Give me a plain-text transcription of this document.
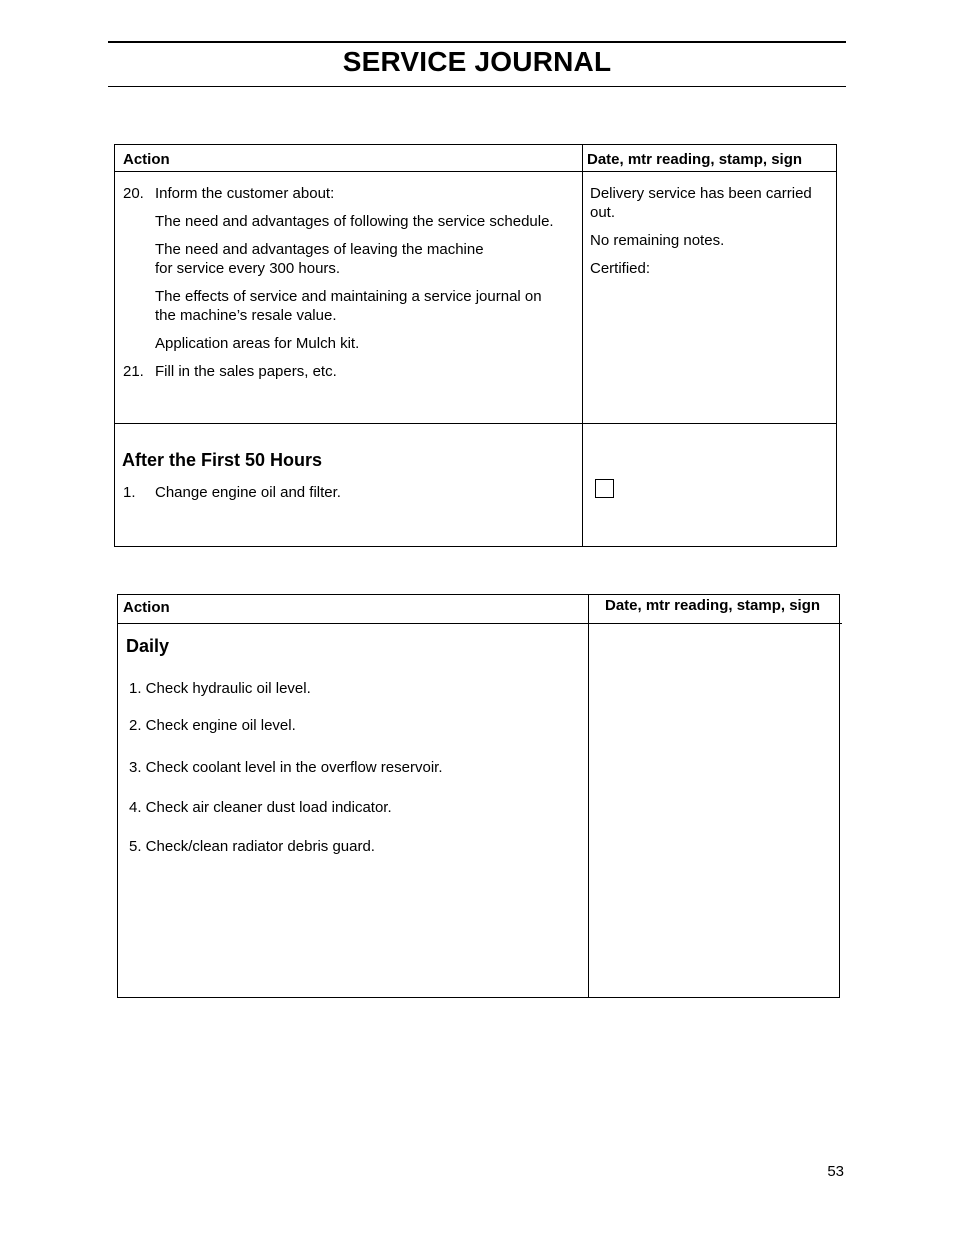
SERVICE JOURNAL
Action	Date, mtr reading, stamp, sign
20. Inform the customer about:
The need and advantages of following the service schedule.
The need and advantages of leaving the machine
for service every 300 hours.
The effects of service and maintaining a service journal on
the machine’s resale value.
Application areas for Mulch kit.
21. Fill in the sales papers, etc.
Delivery service has been carried
out.
No remaining notes.
Certified:
After the First 50 Hours
1. Change engine oil and filter.
Action	Date, mtr reading, stamp, sign
Daily
1. Check hydraulic oil level.
2. Check engine oil level.
3. Check coolant level in the overflow reservoir.
4. Check air cleaner dust load indicator.
5. Check/clean radiator debris guard.
53
